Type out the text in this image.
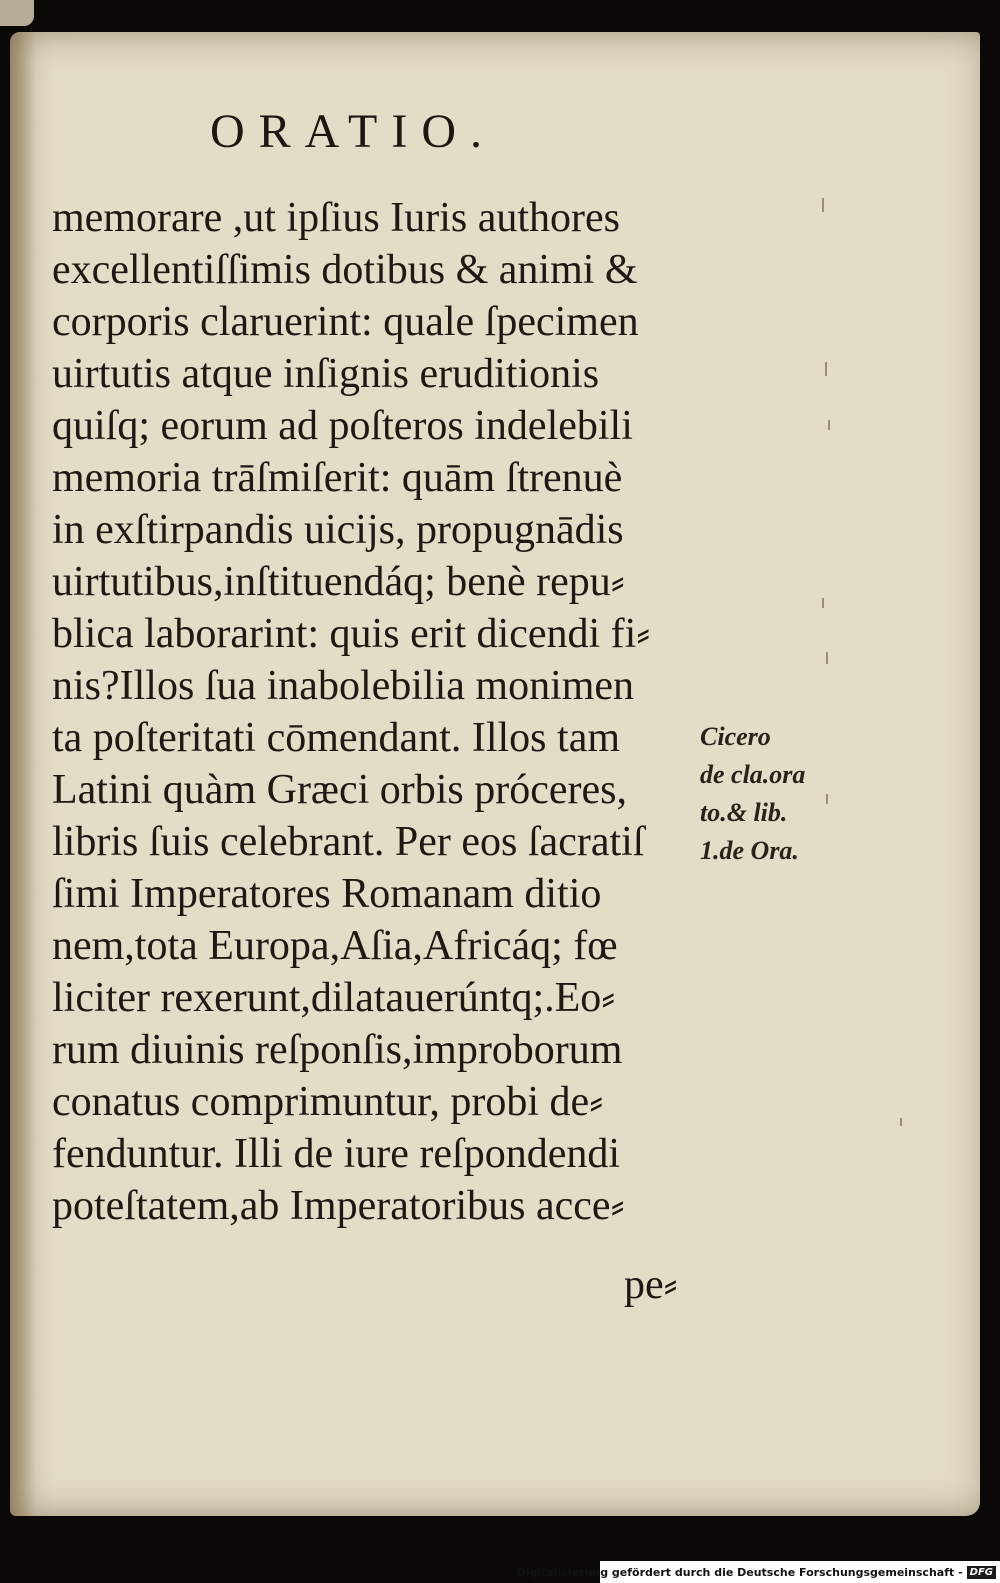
ORATIO.
memorare ,ut ipſius Iuris authores
excellentiſſimis dotibus & animi &
corporis claruerint: quale ſpecimen
uirtutis atque inſignis eruditionis
quiſq; eorum ad poſteros indelebili
memoria trāſmiſerit: quām ſtrenuè
in exſtirpandis uicijs, propugnādis
uirtutibus,inſtituendáq; benè repu⸗
blica laborarint: quis erit dicendi fi⸗
nis?Illos ſua inabolebilia monimen
ta poſteritati cōmendant. Illos tam
Latini quàm Græci orbis próceres,
libris ſuis celebrant. Per eos ſacratiſ
ſimi Imperatores Romanam ditio
nem,tota Europa,Aſia,Africáq; fœ
liciter rexerunt,dilatauerúntq;.Eo⸗
rum diuinis reſponſis,improborum
conatus comprimuntur, probi de⸗
fenduntur. Illi de iure reſpondendi
poteſtatem,ab Imperatoribus acce⸗
pe⸗
Cicero
de cla.ora
to.& lib.
1.de Ora.
Digitalisierung gefördert durch die Deutsche Forschungsgemeinschaft - DFG
